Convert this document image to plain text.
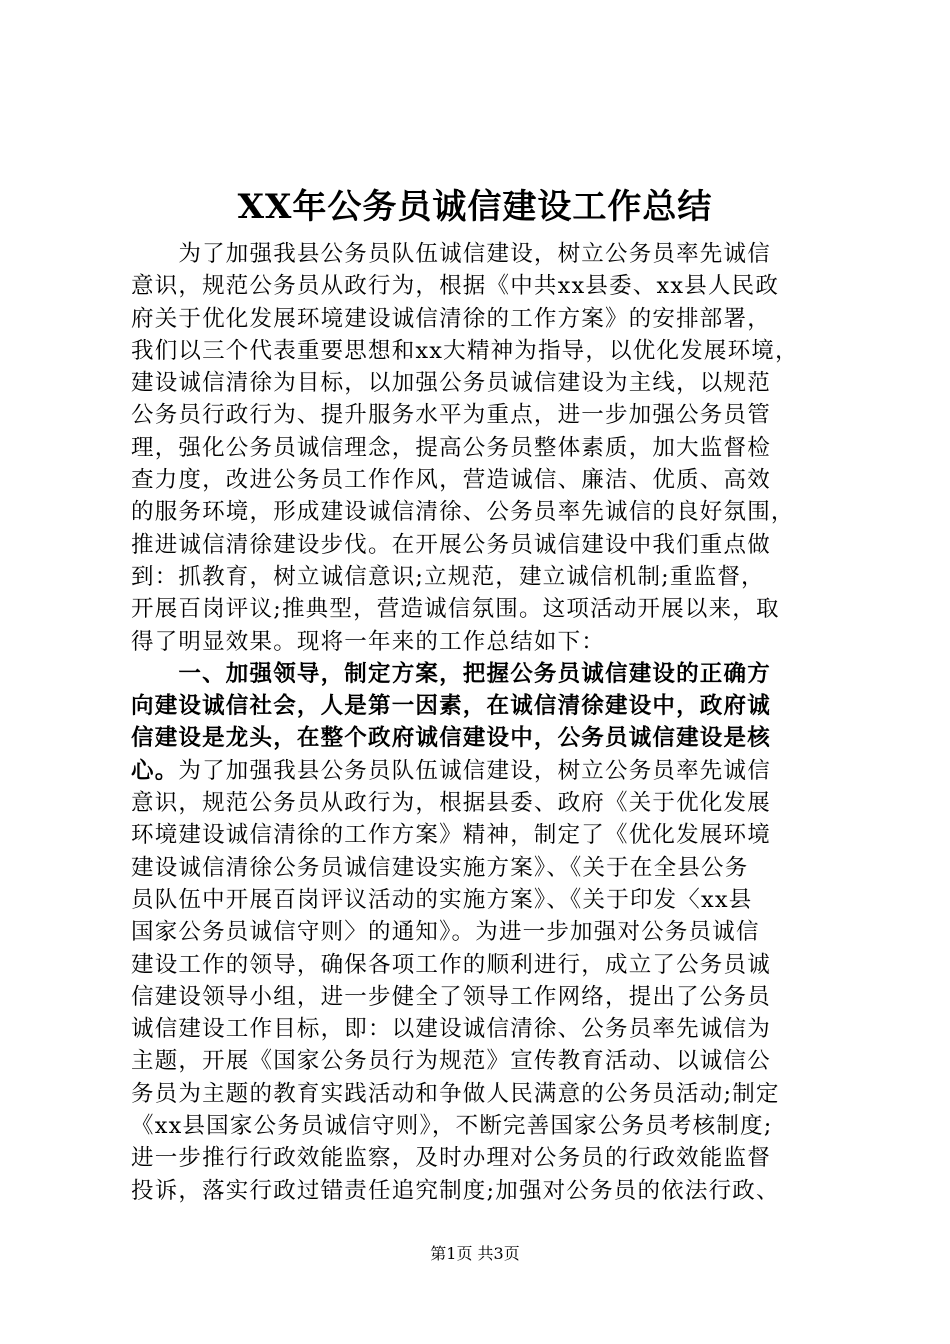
XX年公务员诚信建设工作总结
　　为了加强我县公务员队伍诚信建设，树立公务员率先诚信
意识，规范公务员从政行为，根据《中共xx县委、xx县人民政
府关于优化发展环境建设诚信清徐的工作方案》的安排部署，
我们以三个代表重要思想和xx大精神为指导，以优化发展环境，
建设诚信清徐为目标，以加强公务员诚信建设为主线，以规范
公务员行政行为、提升服务水平为重点，进一步加强公务员管
理，强化公务员诚信理念，提高公务员整体素质，加大监督检
查力度，改进公务员工作作风，营造诚信、廉洁、优质、高效
的服务环境，形成建设诚信清徐、公务员率先诚信的良好氛围，
推进诚信清徐建设步伐。在开展公务员诚信建设中我们重点做
到：抓教育，树立诚信意识;立规范，建立诚信机制;重监督，
开展百岗评议;推典型，营造诚信氛围。这项活动开展以来，取
得了明显效果。现将一年来的工作总结如下：
　　一、加强领导，制定方案，把握公务员诚信建设的正确方
向建设诚信社会，人是第一因素，在诚信清徐建设中，政府诚
信建设是龙头，在整个政府诚信建设中，公务员诚信建设是核
心。为了加强我县公务员队伍诚信建设，树立公务员率先诚信
意识，规范公务员从政行为，根据县委、政府《关于优化发展
环境建设诚信清徐的工作方案》精神，制定了《优化发展环境
建设诚信清徐公务员诚信建设实施方案》、《关于在全县公务
员队伍中开展百岗评议活动的实施方案》、《关于印发〈xx县
国家公务员诚信守则〉的通知》。为进一步加强对公务员诚信
建设工作的领导，确保各项工作的顺利进行，成立了公务员诚
信建设领导小组，进一步健全了领导工作网络，提出了公务员
诚信建设工作目标，即：以建设诚信清徐、公务员率先诚信为
主题，开展《国家公务员行为规范》宣传教育活动、以诚信公
务员为主题的教育实践活动和争做人民满意的公务员活动;制定
《xx县国家公务员诚信守则》，不断完善国家公务员考核制度;
进一步推行行政效能监察，及时办理对公务员的行政效能监督
投诉，落实行政过错责任追究制度;加强对公务员的依法行政、
第1页 共3页
